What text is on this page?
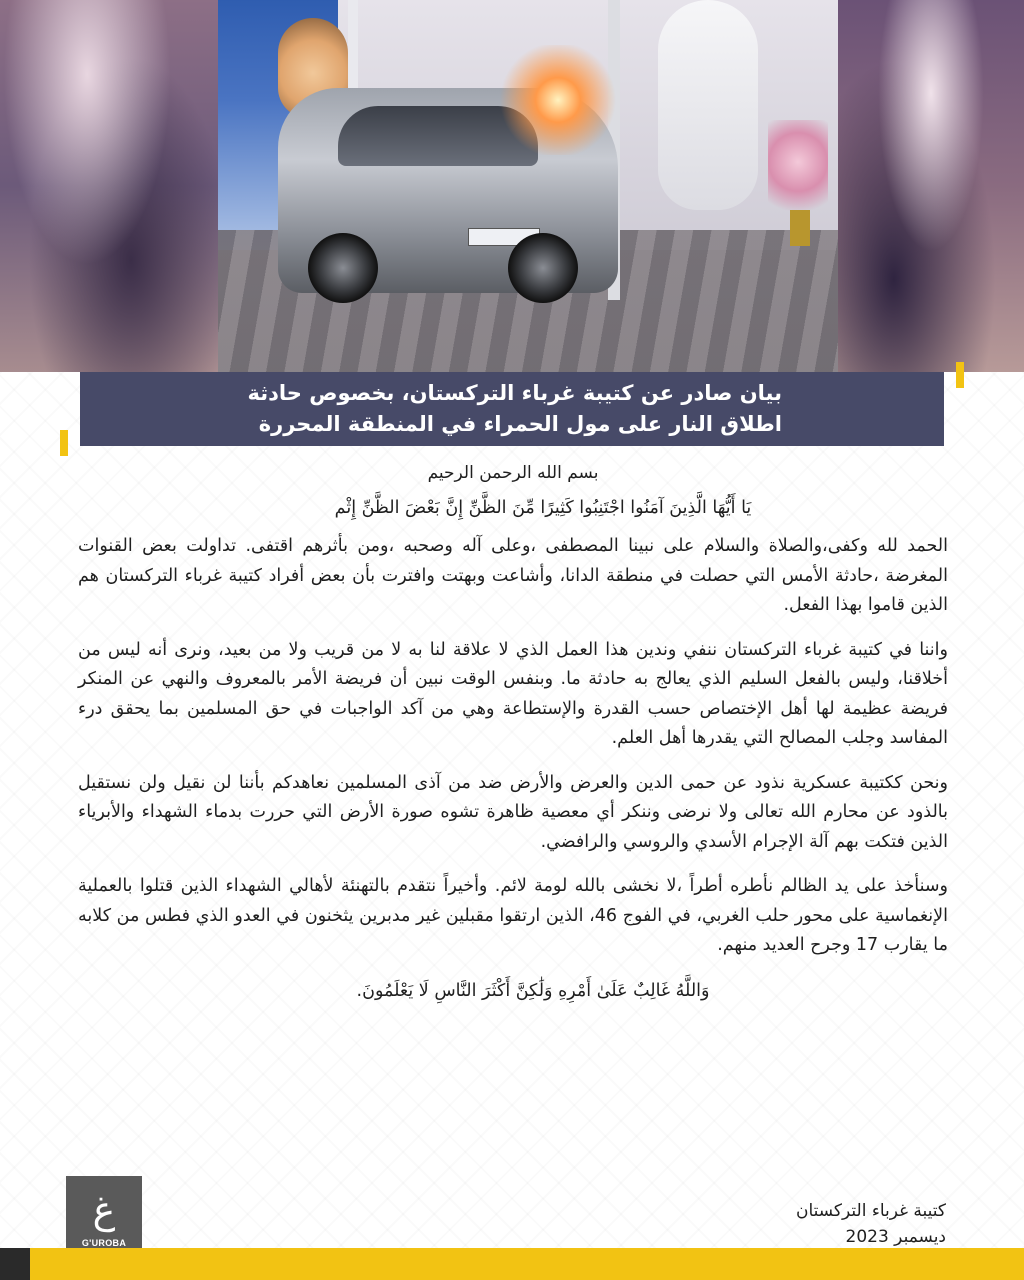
بيان صادر عن كتيبة غرباء التركستان، بخصوص حادثة
اطلاق النار على مول الحمراء في المنطقة المحررة
بسم الله الرحمن الرحيم
يَا أَيُّهَا الَّذِينَ آمَنُوا اجْتَنِبُوا كَثِيرًا مِّنَ الظَّنِّ إِنَّ بَعْضَ الظَّنِّ إِثْم

الحمد لله وكفى،والصلاة والسلام على نبينا المصطفى ،وعلى آله وصحبه ،ومن بأثرهم اقتفى. تداولت بعض القنوات المغرضة ،حادثة الأمس التي حصلت في منطقة الدانا، وأشاعت وبهتت وافترت بأن بعض أفراد كتيبة غرباء التركستان هم الذين قاموا بهذا الفعل.

واننا في كتيبة غرباء التركستان ننفي وندين هذا العمل الذي لا علاقة لنا به لا من قريب ولا من بعيد، ونرى أنه ليس من أخلاقنا، وليس بالفعل السليم الذي يعالج به حادثة ما. وبنفس الوقت نبين أن فريضة الأمر بالمعروف والنهي عن المنكر فريضة عظيمة لها أهل الإختصاص حسب القدرة والإستطاعة وهي من آكد الواجبات في حق المسلمين بما يحقق درء المفاسد وجلب المصالح التي يقدرها أهل العلم.

ونحن ككتيبة عسكرية نذود عن حمى الدين والعرض والأرض ضد من آذى المسلمين نعاهدكم بأننا لن نقيل ولن نستقيل بالذود عن محارم الله تعالى ولا نرضى وننكر أي معصية ظاهرة تشوه صورة الأرض التي حررت بدماء الشهداء والأبرياء الذين فتكت بهم آلة الإجرام الأسدي والروسي والرافضي.

وسنأخذ على يد الظالم نأطره أطراً ،لا نخشى بالله لومة لائم. وأخيراً نتقدم بالتهنئة لأهالي الشهداء الذين قتلوا بالعملية الإنغماسية على محور حلب الغربي، في الفوج 46، الذين ارتقوا مقبلين غير مدبرين يثخنون في العدو الذي فطس من كلابه ما يقارب 17 وجرح العديد منهم.

وَاللَّهُ غَالِبٌ عَلَىٰ أَمْرِهِ وَلَٰكِنَّ أَكْثَرَ النَّاسِ لَا يَعْلَمُونَ.
كتيبة غرباء التركستان
ديسمبر 2023
غ
G'UROBA
